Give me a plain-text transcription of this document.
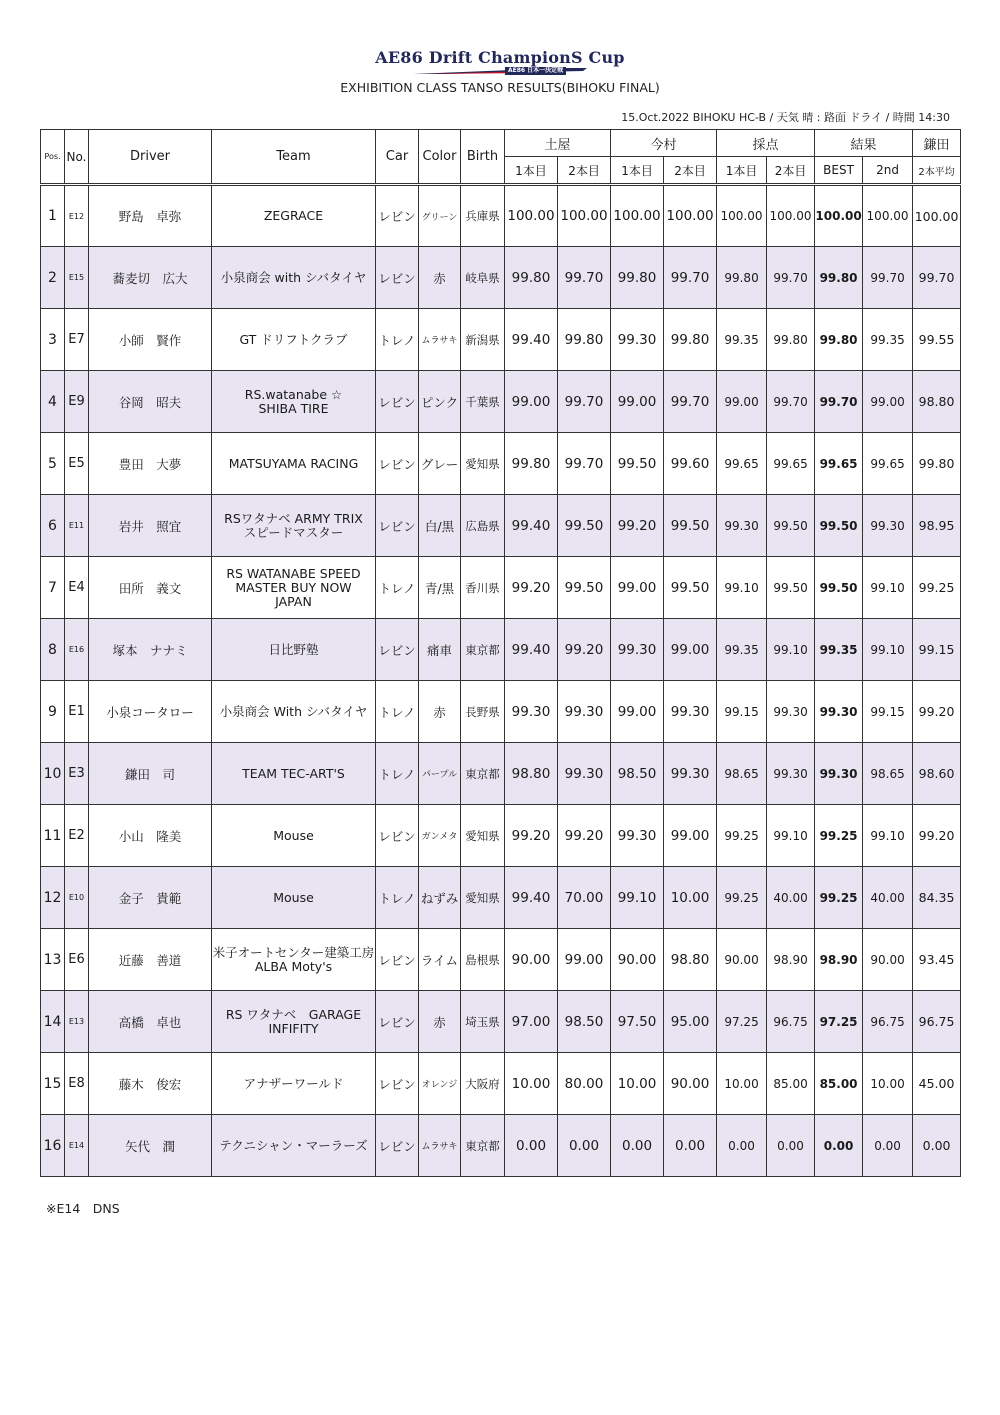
AE86 Drift ChampionS Cup
AE86 日本一決定戦
EXHIBITION CLASS TANSO RESULTS(BIHOKU FINAL)
15.Oct.2022 BIHOKU HC-B / 天気 晴 : 路面 ドライ / 時間 14:30
Pos.	No.	Driver	Team	Car	Color	Birth	土屋		今村		採点		結果		鎌田
							1本目	2本目	1本目	2本目	1本目	2本目	BEST	2nd	2本平均
1	E12	野島　卓弥	ZEGRACE	レビン	グリーン	兵庫県	100.00	100.00	100.00	100.00	100.00	100.00	100.00	100.00	100.00
2	E15	蕎麦切　広大	小泉商会 with シバタイヤ	レビン	赤	岐阜県	99.80	99.70	99.80	99.70	99.80	99.70	99.80	99.70	99.70
3	E7	小師　賢作	GT ドリフトクラブ	トレノ	ムラサキ	新潟県	99.40	99.80	99.30	99.80	99.35	99.80	99.80	99.35	99.55
4	E9	谷岡　昭夫	RS.watanabe ☆
SHIBA TIRE	レビン	ピンク	千葉県	99.00	99.70	99.00	99.70	99.00	99.70	99.70	99.00	98.80
5	E5	豊田　大夢	MATSUYAMA RACING	レビン	グレー	愛知県	99.80	99.70	99.50	99.60	99.65	99.65	99.65	99.65	99.80
6	E11	岩井　照宜	RSワタナベ ARMY TRIX
スピードマスター	レビン	白/黒	広島県	99.40	99.50	99.20	99.50	99.30	99.50	99.50	99.30	98.95
7	E4	田所　義文	RS WATANABE SPEED
MASTER BUY NOW
JAPAN	トレノ	青/黒	香川県	99.20	99.50	99.00	99.50	99.10	99.50	99.50	99.10	99.25
8	E16	塚本　ナナミ	日比野塾	レビン	痛車	東京都	99.40	99.20	99.30	99.00	99.35	99.10	99.35	99.10	99.15
9	E1	小泉コータロー	小泉商会 With シバタイヤ	トレノ	赤	長野県	99.30	99.30	99.00	99.30	99.15	99.30	99.30	99.15	99.20
10	E3	鎌田　司	TEAM TEC-ART'S	トレノ	パープル	東京都	98.80	99.30	98.50	99.30	98.65	99.30	99.30	98.65	98.60
11	E2	小山　隆美	Mouse	レビン	ガンメタ	愛知県	99.20	99.20	99.30	99.00	99.25	99.10	99.25	99.10	99.20
12	E10	金子　貴範	Mouse	トレノ	ねずみ	愛知県	99.40	70.00	99.10	10.00	99.25	40.00	99.25	40.00	84.35
13	E6	近藤　善道	米子オートセンター建築工房
ALBA Moty's	レビン	ライム	島根県	90.00	99.00	90.00	98.80	90.00	98.90	98.90	90.00	93.45
14	E13	高橋　卓也	RS ワタナベ　GARAGE
INFIFITY	レビン	赤	埼玉県	97.00	98.50	97.50	95.00	97.25	96.75	97.25	96.75	96.75
15	E8	藤木　俊宏	アナザーワールド	レビン	オレンジ	大阪府	10.00	80.00	10.00	90.00	10.00	85.00	85.00	10.00	45.00
16	E14	矢代　潤	テクニシャン・マーラーズ	レビン	ムラサキ	東京都	0.00	0.00	0.00	0.00	0.00	0.00	0.00	0.00	0.00
※E14　DNS
